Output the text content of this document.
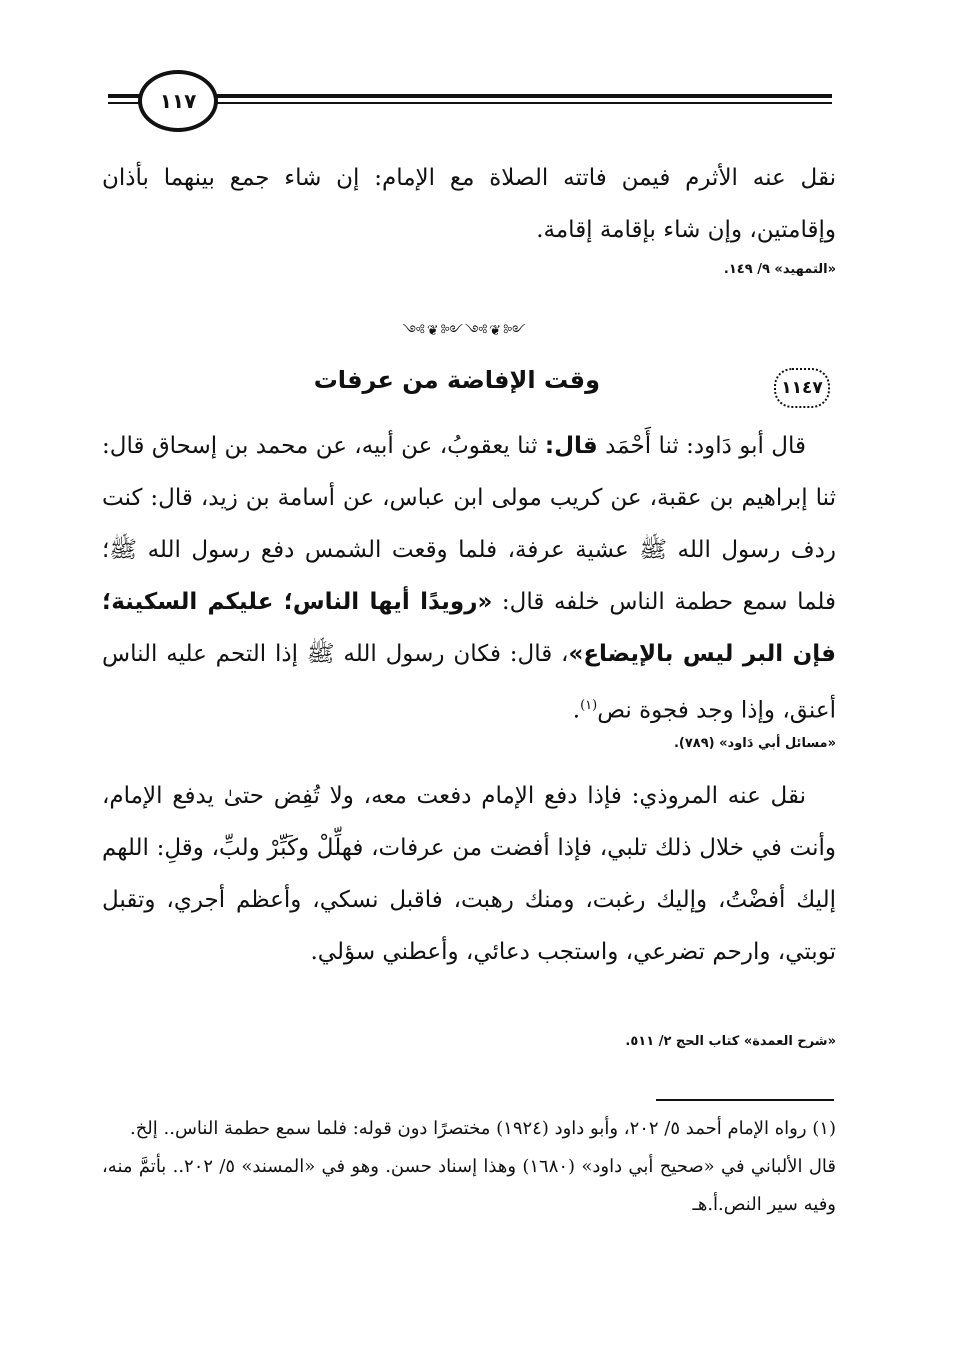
١١٧

نقل عنه الأثرم فيمن فاتته الصلاة مع الإمام: إن شاء جمع بينهما بأذان وإقامتين، وإن شاء بإقامة إقامة.

«التمهيد» ٩/ ١٤٩.
༺❦༻༺❦༻
١١٤٧
وقت الإفاضة من عرفات

قال أبو دَاود: ثنا أَحْمَد قال: ثنا يعقوبُ، عن أبيه، عن محمد بن إسحاق قال: ثنا إبراهيم بن عقبة، عن كريب مولى ابن عباس، عن أسامة بن زيد، قال: كنت ردف رسول الله ﷺ عشية عرفة، فلما وقعت الشمس دفع رسول الله ﷺ؛ فلما سمع حطمة الناس خلفه قال: «رويدًا أيها الناس؛ عليكم السكينة؛ فإن البر ليس بالإيضاع»، قال: فكان رسول الله ﷺ إذا التحم عليه الناس أعنق، وإذا وجد فجوة نص$^{(١)}$.

«مسائل أبي دَاود» (٧٨٩).

نقل عنه المروذي: فإذا دفع الإمام دفعت معه، ولا تُفِض حتىٰ يدفع الإمام، وأنت في خلال ذلك تلبي، فإذا أفضت من عرفات، فهلِّلْ وكَبِّرْ ولبِّ، وقلِ: اللهم إليك أفضْتُ، وإليك رغبت، ومنك رهبت، فاقبل نسكي، وأعظم أجري، وتقبل توبتي، وارحم تضرعي، واستجب دعائي، وأعطني سؤلي.

«شرح العمدة» كتاب الحج ٢/ ٥١١.

(١) رواه الإمام أحمد ٥/ ٢٠٢، وأبو داود (١٩٢٤) مختصرًا دون قوله: فلما سمع حطمة الناس.. إلخ.

قال الألباني في «صحيح أبي داود» (١٦٨٠) وهذا إسناد حسن. وهو في «المسند» ٥/ ٢٠٢.. بأتمَّ منه، وفيه سير النص.أ.هـ
